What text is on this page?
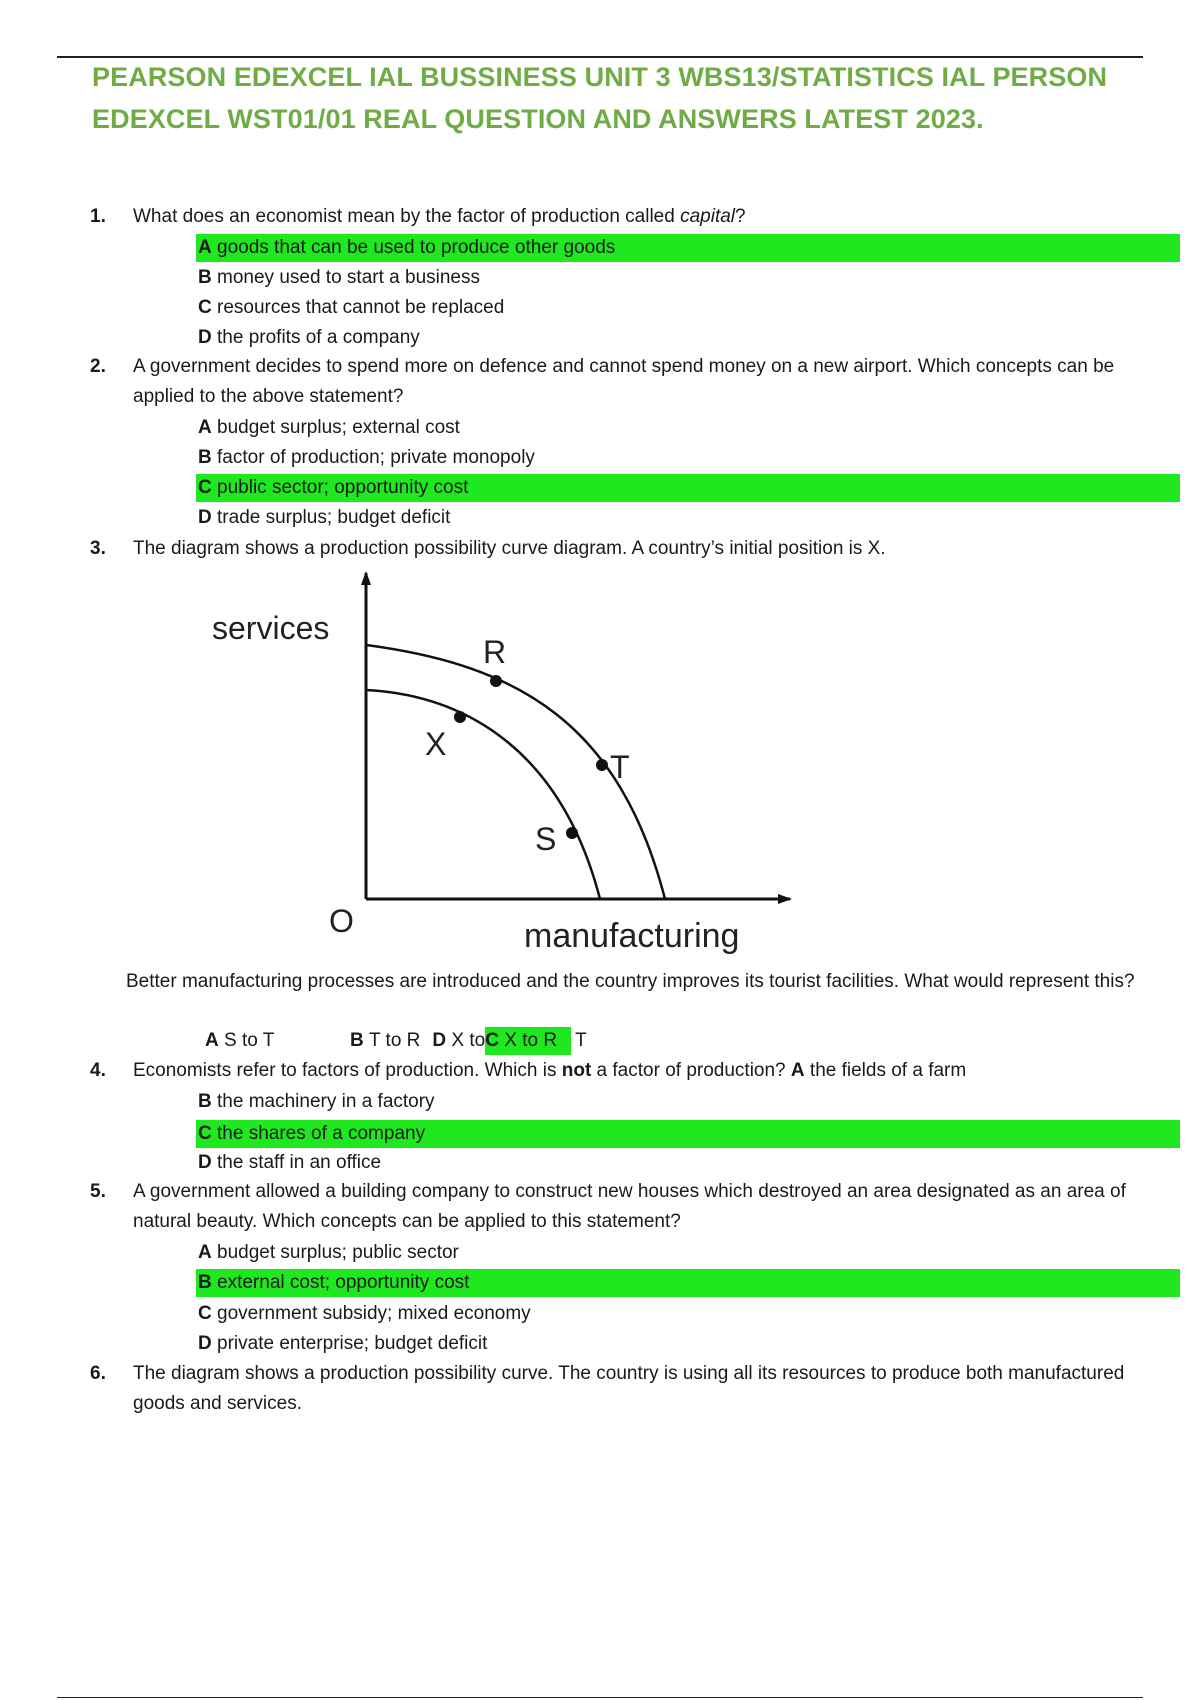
PEARSON EDEXCEL IAL BUSSINESS UNIT 3 WBS13/STATISTICS IAL PERSON
EDEXCEL WST01/01 REAL QUESTION AND ANSWERS LATEST 2023.
1. What does an economist mean by the factor of production called capital?
A goods that can be used to produce other goods
B money used to start a business
C resources that cannot be replaced
D the profits of a company
2. A government decides to spend more on defence and cannot spend money on a new airport. Which concepts can be applied to the above statement?
A budget surplus; external cost
B factor of production; private monopoly
C public sector; opportunity cost
D trade surplus; budget deficit
3. The diagram shows a production possibility curve diagram. A country’s initial position is X.
services
R
X
T
S
O	manufacturing
Better manufacturing processes are introduced and the country improves its tourist facilities. What would represent this?
A S to T	B T to R D X toC X to R T
4. Economists refer to factors of production. Which is not a factor of production? A the fields of a farm
B the machinery in a factory
C the shares of a company
D the staff in an office
5. A government allowed a building company to construct new houses which destroyed an area designated as an area of natural beauty. Which concepts can be applied to this statement?
A budget surplus; public sector
B external cost; opportunity cost
C government subsidy; mixed economy
D private enterprise; budget deficit
6. The diagram shows a production possibility curve. The country is using all its resources to produce both manufactured goods and services.
